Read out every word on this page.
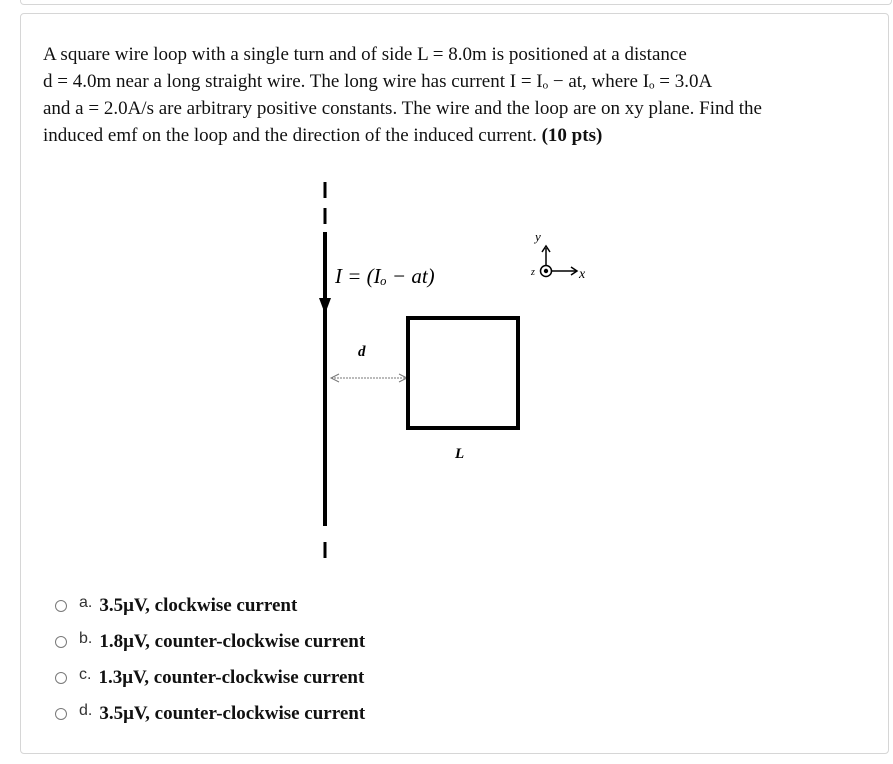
A square wire loop with a single turn and of side L = 8.0m is positioned at a distance
d = 4.0m near a long straight wire. The long wire has current I = Iₒ − at, where Iₒ = 3.0A
and a = 2.0A/s are arbitrary positive constants. The wire and the loop are on xy plane. Find the
induced emf on the loop and the direction of the induced current. (10 pts)
I = (Iₒ − at)
d
L
y
z	x
a. 3.5μV, clockwise current
b. 1.8μV, counter-clockwise current
c. 1.3μV, counter-clockwise current
d. 3.5μV, counter-clockwise current
